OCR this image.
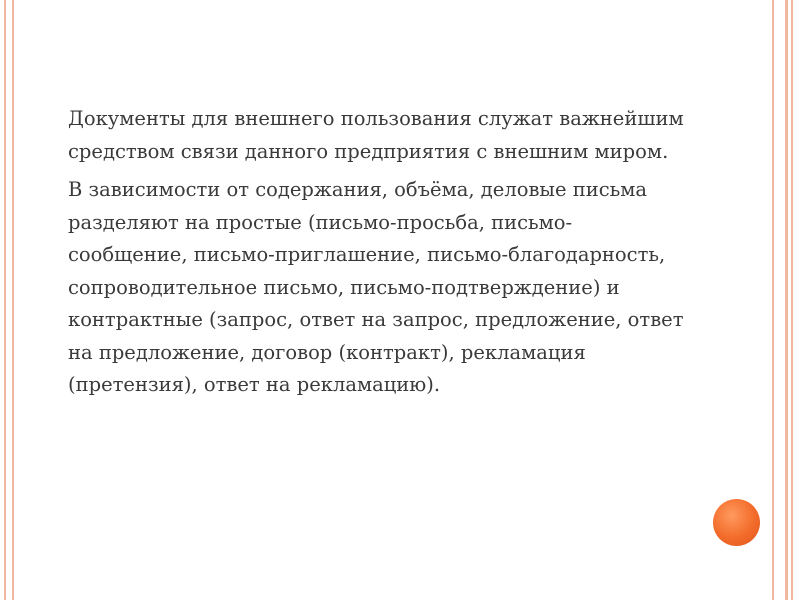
Документы для внешнего пользования служат важнейшим средством связи данного предприятия с внешним миром.
В зависимости от содержания, объёма, деловые письма разделяют на простые (письмо-просьба, письмо-сообщение, письмо-приглашение, письмо-благодарность, сопроводительное письмо, письмо-подтверждение) и контрактные (запрос, ответ на запрос, предложение, ответ на предложение, договор (контракт), рекламация (претензия), ответ на рекламацию).
